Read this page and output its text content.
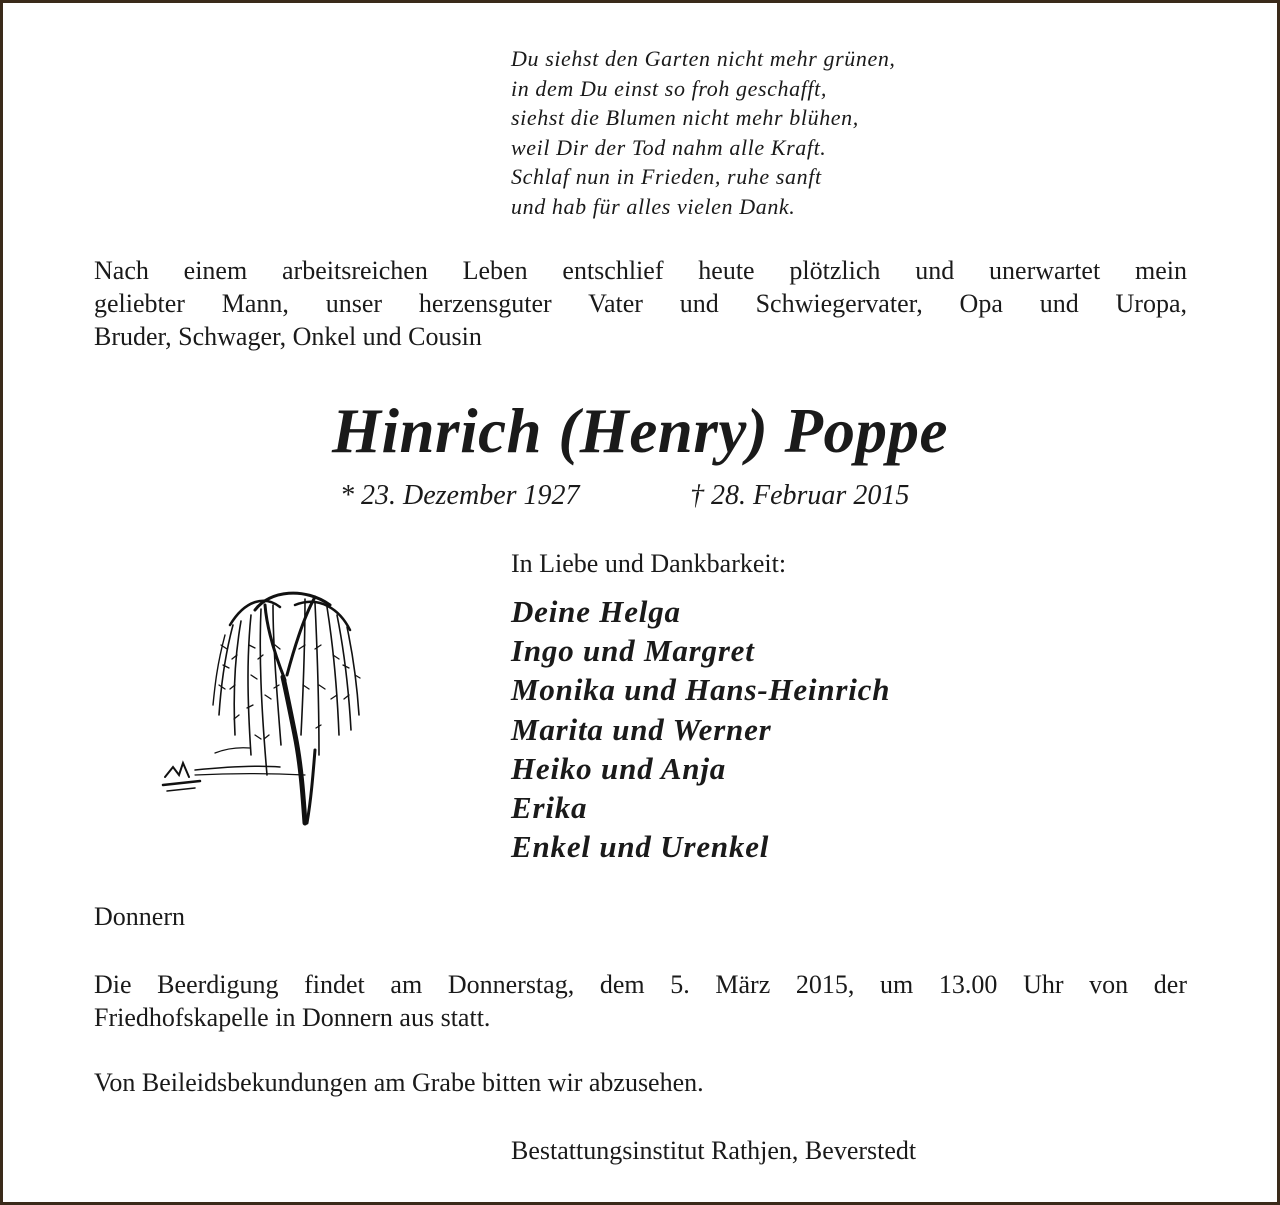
Du siehst den Garten nicht mehr grünen,
in dem Du einst so froh geschafft,
siehst die Blumen nicht mehr blühen,
weil Dir der Tod nahm alle Kraft.
Schlaf nun in Frieden, ruhe sanft
und hab für alles vielen Dank.
Nach einem arbeitsreichen Leben entschlief heute plötzlich und unerwartet mein
geliebter Mann, unser herzensguter Vater und Schwiegervater, Opa und Uropa,
Bruder, Schwager, Onkel und Cousin
Hinrich (Henry) Poppe
* 23. Dezember 1927	† 28. Februar 2015
In Liebe und Dankbarkeit:
Deine Helga
Ingo und Margret
Monika und Hans-Heinrich
Marita und Werner
Heiko und Anja
Erika
Enkel und Urenkel
Donnern
Die Beerdigung findet am Donnerstag, dem 5. März 2015, um 13.00 Uhr von der
Friedhofskapelle in Donnern aus statt.
Von Beileidsbekundungen am Grabe bitten wir abzusehen.
Bestattungsinstitut Rathjen, Beverstedt
